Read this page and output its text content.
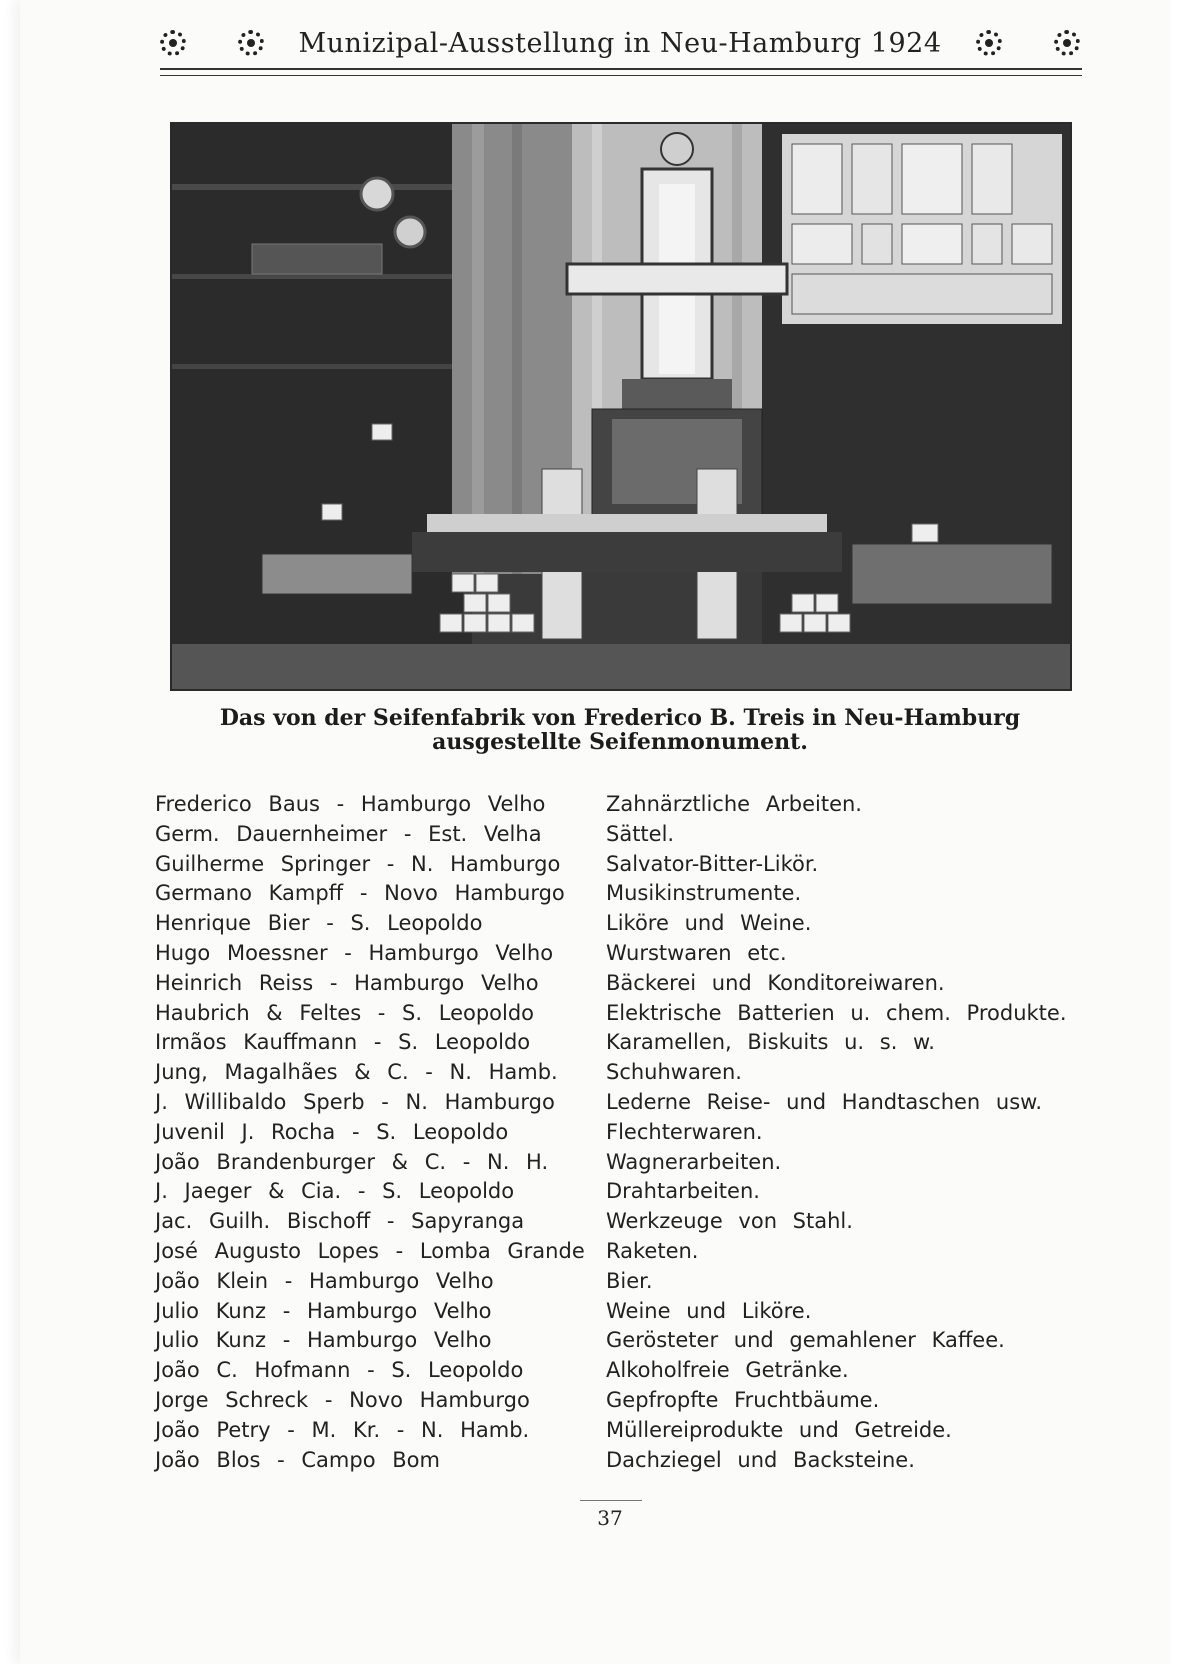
Munizipal-Ausstellung in Neu-Hamburg 1924
Das von der Seifenfabrik von Frederico B. Treis in Neu-Hamburg
ausgestellte Seifenmonument.
Frederico Baus - Hamburgo Velho	Zahnärztliche Arbeiten.
Germ. Dauernheimer - Est. Velha	Sättel.
Guilherme Springer - N. Hamburgo	Salvator-Bitter-Likör.
Germano Kampff - Novo Hamburgo	Musikinstrumente.
Henrique Bier - S. Leopoldo	Liköre und Weine.
Hugo Moessner - Hamburgo Velho	Wurstwaren etc.
Heinrich Reiss - Hamburgo Velho	Bäckerei und Konditoreiwaren.
Haubrich & Feltes - S. Leopoldo	Elektrische Batterien u. chem. Produkte.
Irmãos Kauffmann - S. Leopoldo	Karamellen, Biskuits u. s. w.
Jung, Magalhães & C. - N. Hamb.	Schuhwaren.
J. Willibaldo Sperb - N. Hamburgo	Lederne Reise- und Handtaschen usw.
Juvenil J. Rocha - S. Leopoldo	Flechterwaren.
João Brandenburger & C. - N. H.	Wagnerarbeiten.
J. Jaeger & Cia. - S. Leopoldo	Drahtarbeiten.
Jac. Guilh. Bischoff - Sapyranga	Werkzeuge von Stahl.
José Augusto Lopes - Lomba Grande	Raketen.
João Klein - Hamburgo Velho	Bier.
Julio Kunz - Hamburgo Velho	Weine und Liköre.
Julio Kunz - Hamburgo Velho	Gerösteter und gemahlener Kaffee.
João C. Hofmann - S. Leopoldo	Alkoholfreie Getränke.
Jorge Schreck - Novo Hamburgo	Gepfropfte Fruchtbäume.
João Petry - M. Kr. - N. Hamb.	Müllereiprodukte und Getreide.
João Blos - Campo Bom	Dachziegel und Backsteine.
37
